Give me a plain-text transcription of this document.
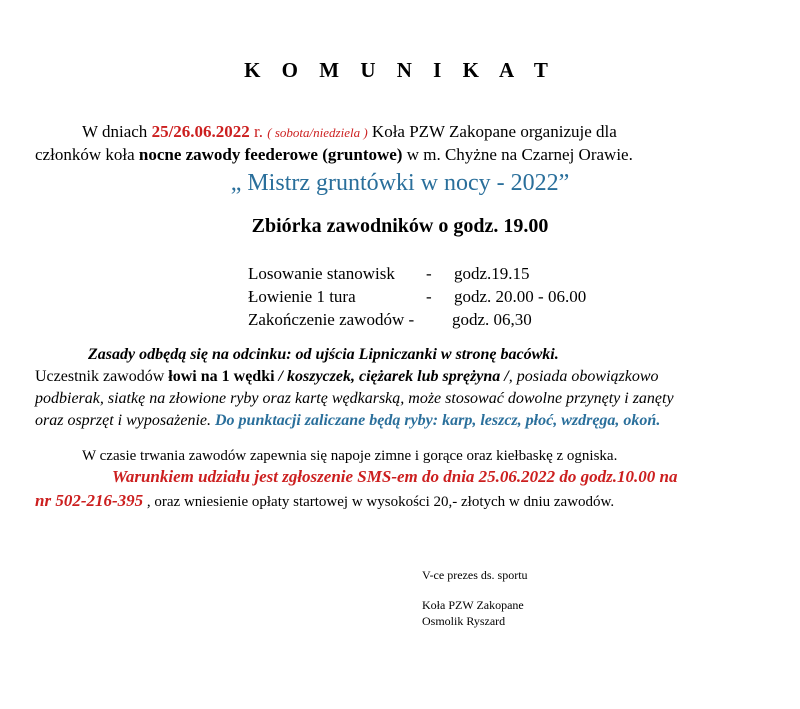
K O M U N I K A T
W dniach 25/26.06.2022 r. ( sobota/niedziela ) Koła PZW Zakopane organizuje dla
członków koła nocne zawody feederowe (gruntowe) w m. Chyżne na Czarnej Orawie.
„ Mistrz gruntówki w nocy - 2022”
Zbiórka zawodników o godz. 19.00
Losowanie stanowisk - godz.19.15
Łowienie 1 tura	- godz. 20.00 - 06.00
Zakończenie zawodów - godz. 06,30
Zasady odbędą się na odcinku: od ujścia Lipniczanki w stronę bacówki.
Uczestnik zawodów łowi na 1 wędki / koszyczek, ciężarek lub sprężyna /, posiada obowiązkowo
podbierak, siatkę na złowione ryby oraz kartę wędkarską, może stosować dowolne przynęty i zanęty
oraz osprzęt i wyposażenie. Do punktacji zaliczane będą ryby: karp, leszcz, płoć, wzdręga, okoń.
W czasie trwania zawodów zapewnia się napoje zimne i gorące oraz kiełbaskę z ogniska.
Warunkiem udziału jest zgłoszenie SMS-em do dnia 25.06.2022 do godz.10.00 na
nr 502-216-395 , oraz wniesienie opłaty startowej w wysokości 20,- złotych w dniu zawodów.
V-ce prezes ds. sportu
Koła PZW Zakopane
Osmolik Ryszard
